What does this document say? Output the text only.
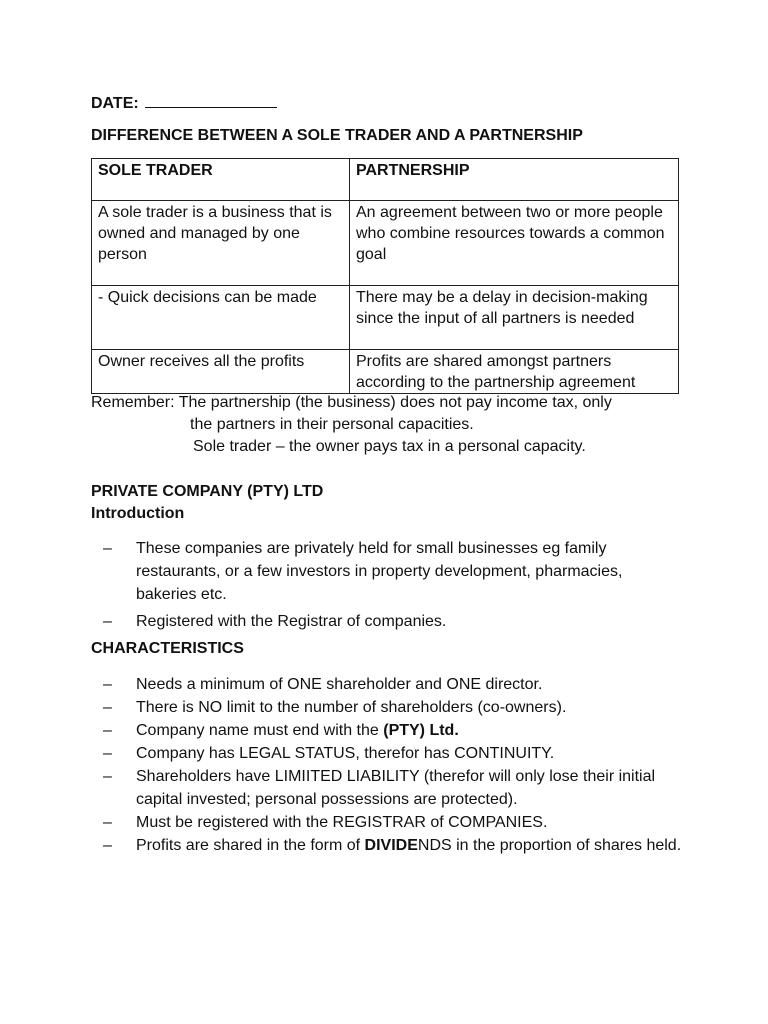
DATE:
DIFFERENCE BETWEEN A SOLE TRADER AND A PARTNERSHIP
SOLE TRADER	PARTNERSHIP
A sole trader is a business that is owned and managed by one person	An agreement between two or more people who combine resources towards a common goal
- Quick decisions can be made	There may be a delay in decision-making since the input of all partners is needed
Owner receives all the profits	Profits are shared amongst partners according to the partnership agreement
Remember: The partnership (the business) does not pay income tax, only
the partners in their personal capacities.
Sole trader – the owner pays tax in a personal capacity.
PRIVATE COMPANY (PTY) LTD
Introduction
– These companies are privately held for small businesses eg family restaurants, or a few investors in property development, pharmacies, bakeries etc.
– Registered with the Registrar of companies.
CHARACTERISTICS
– Needs a minimum of ONE shareholder and ONE director.
– There is NO limit to the number of shareholders (co-owners).
– Company name must end with the (PTY) Ltd.
– Company has LEGAL STATUS, therefor has CONTINUITY.
– Shareholders have LIMIITED LIABILITY (therefor will only lose their initial capital invested; personal possessions are protected).
– Must be registered with the REGISTRAR of COMPANIES.
– Profits are shared in the form of DIVIDENDS in the proportion of shares held.
